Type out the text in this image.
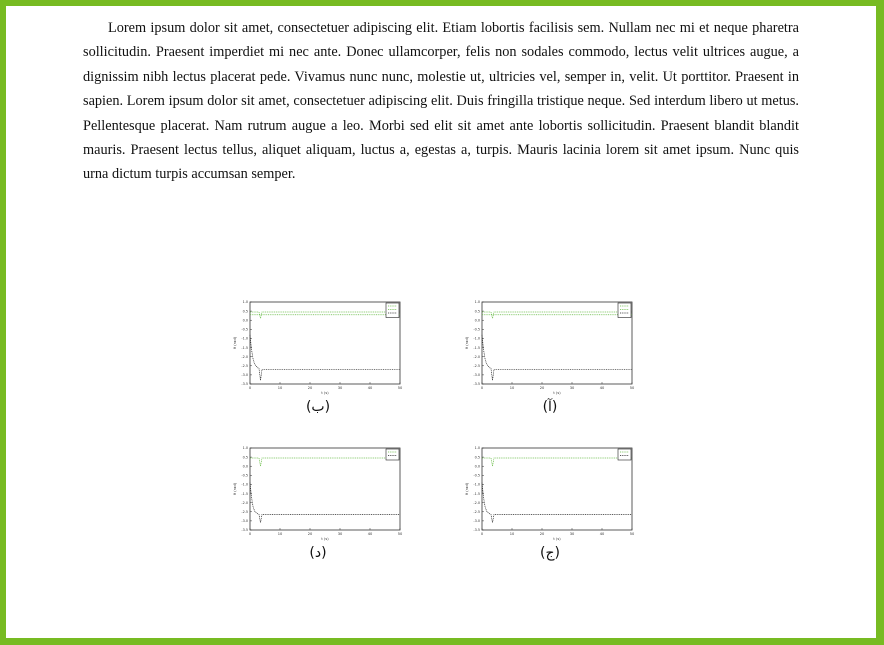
Lorem ipsum dolor sit amet, consectetuer adipiscing elit. Etiam lobortis facilisis sem. Nullam nec mi et neque pharetra sollicitudin. Praesent imperdiet mi nec ante. Donec ullamcorper, felis non sodales commodo, lectus velit ultrices augue, a dignissim nibh lectus placerat pede. Vivamus nunc nunc, molestie ut, ultricies vel, semper in, velit. Ut porttitor. Praesent in sapien. Lorem ipsum dolor sit amet, consectetuer adipiscing elit. Duis fringilla tristique neque. Sed interdum libero ut metus. Pellentesque placerat. Nam rutrum augue a leo. Morbi sed elit sit amet ante lobortis sollicitudin. Praesent blandit blandit mauris. Praesent lectus tellus, aliquet aliquam, luctus a, egestas a, turpis. Mauris lacinia lorem sit amet ipsum. Nunc quis urna dictum turpis accumsan semper.

0	10	20	30	40	50
1.0
0.5
0.0
-0.5
-1.0
-1.5
-2.0
-2.5
-3.0
-3.5
t (s)
θ (rad)
(ب)
0	10	20	30	40	50
1.0
0.5
0.0
-0.5
-1.0
-1.5
-2.0
-2.5
-3.0
-3.5
t (s)
θ (rad)
(آ)
0	10	20	30	40	50
1.0
0.5
0.0
-0.5
-1.0
-1.5
-2.0
-2.5
-3.0
-3.5
t (s)
θ (rad)
(د)
0	10	20	30	40	50
1.0
0.5
0.0
-0.5
-1.0
-1.5
-2.0
-2.5
-3.0
-3.5
t (s)
θ (rad)
(ج)
